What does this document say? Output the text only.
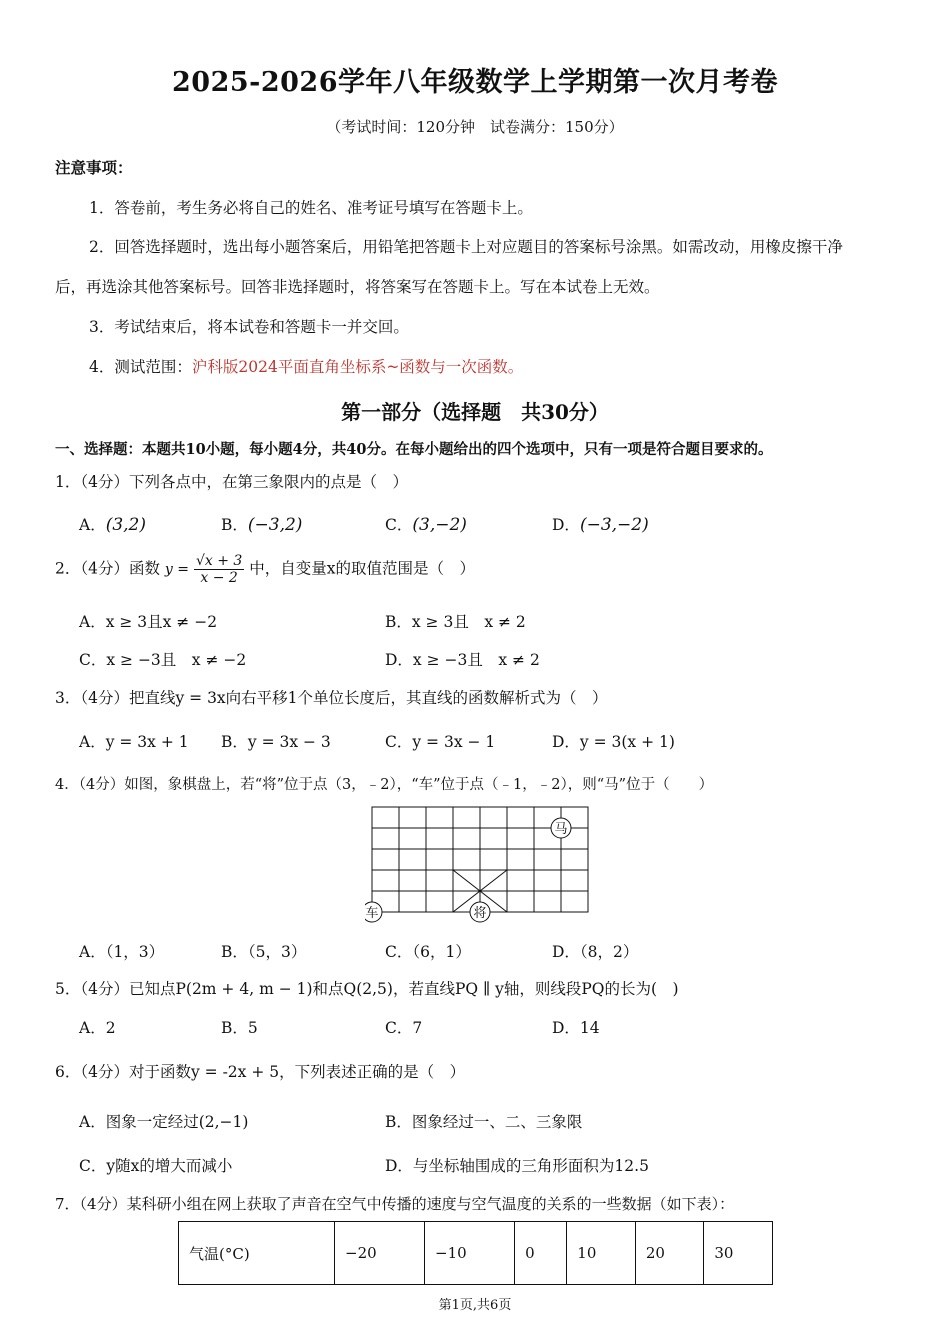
2025-2026学年八年级数学上学期第一次月考卷
（考试时间：120分钟　试卷满分：150分）
注意事项：
1．答卷前，考生务必将自己的姓名、准考证号填写在答题卡上。
2．回答选择题时，选出每小题答案后，用铅笔把答题卡上对应题目的答案标号涂黑。如需改动，用橡皮擦干净
后，再选涂其他答案标号。回答非选择题时，将答案写在答题卡上。写在本试卷上无效。
3．考试结束后，将本试卷和答题卡一并交回。
4．测试范围：沪科版2024平面直角坐标系~函数与一次函数。
第一部分（选择题　共30分）
一、选择题：本题共10小题，每小题4分，共40分。在每小题给出的四个选项中，只有一项是符合题目要求的。
1．（4分）下列各点中，在第三象限内的点是（　）
A．(3,2)	B．(−3,2)	C．(3,−2)	D．(−3,−2)
2．（4分）函数 $y = \frac{√x + 3}{x - 2}$ 中，自变量x的取值范围是（　）
A．x ≥ 3且x ≠ −2	B．x ≥ 3且　x ≠ 2
C．x ≥ −3且　x ≠ −2	D．x ≥ −3且　x ≠ 2
3．（4分）把直线y = 3x向右平移1个单位长度后，其直线的函数解析式为（　）
A．y = 3x + 1 B．y = 3x − 3	C．y = 3x − 1	D．y = 3(x + 1)
4．（4分）如图，象棋盘上，若“将”位于点（3，﹣2），“车”位于点（﹣1，﹣2），则“马”位于（　　）
车	将
马
A．（1，3）	B．（5，3）	C．（6，1）	D．（8，2）
5．（4分）已知点P(2m + 4, m − 1)和点Q(2,5)，若直线PQ ∥ y轴，则线段PQ的长为(　)
A．2	B．5	C．7	D．14
6．（4分）对于函数y = -2x + 5，下列表述正确的是（　）
A．图象一定经过(2,−1)	B．图象经过一、二、三象限
C．y随x的增大而减小	D．与坐标轴围成的三角形面积为12.5
7．（4分）某科研小组在网上获取了声音在空气中传播的速度与空气温度的关系的一些数据（如下表）：
气温(°C)	−20	−10	0	10	20	30
第1页,共6页
